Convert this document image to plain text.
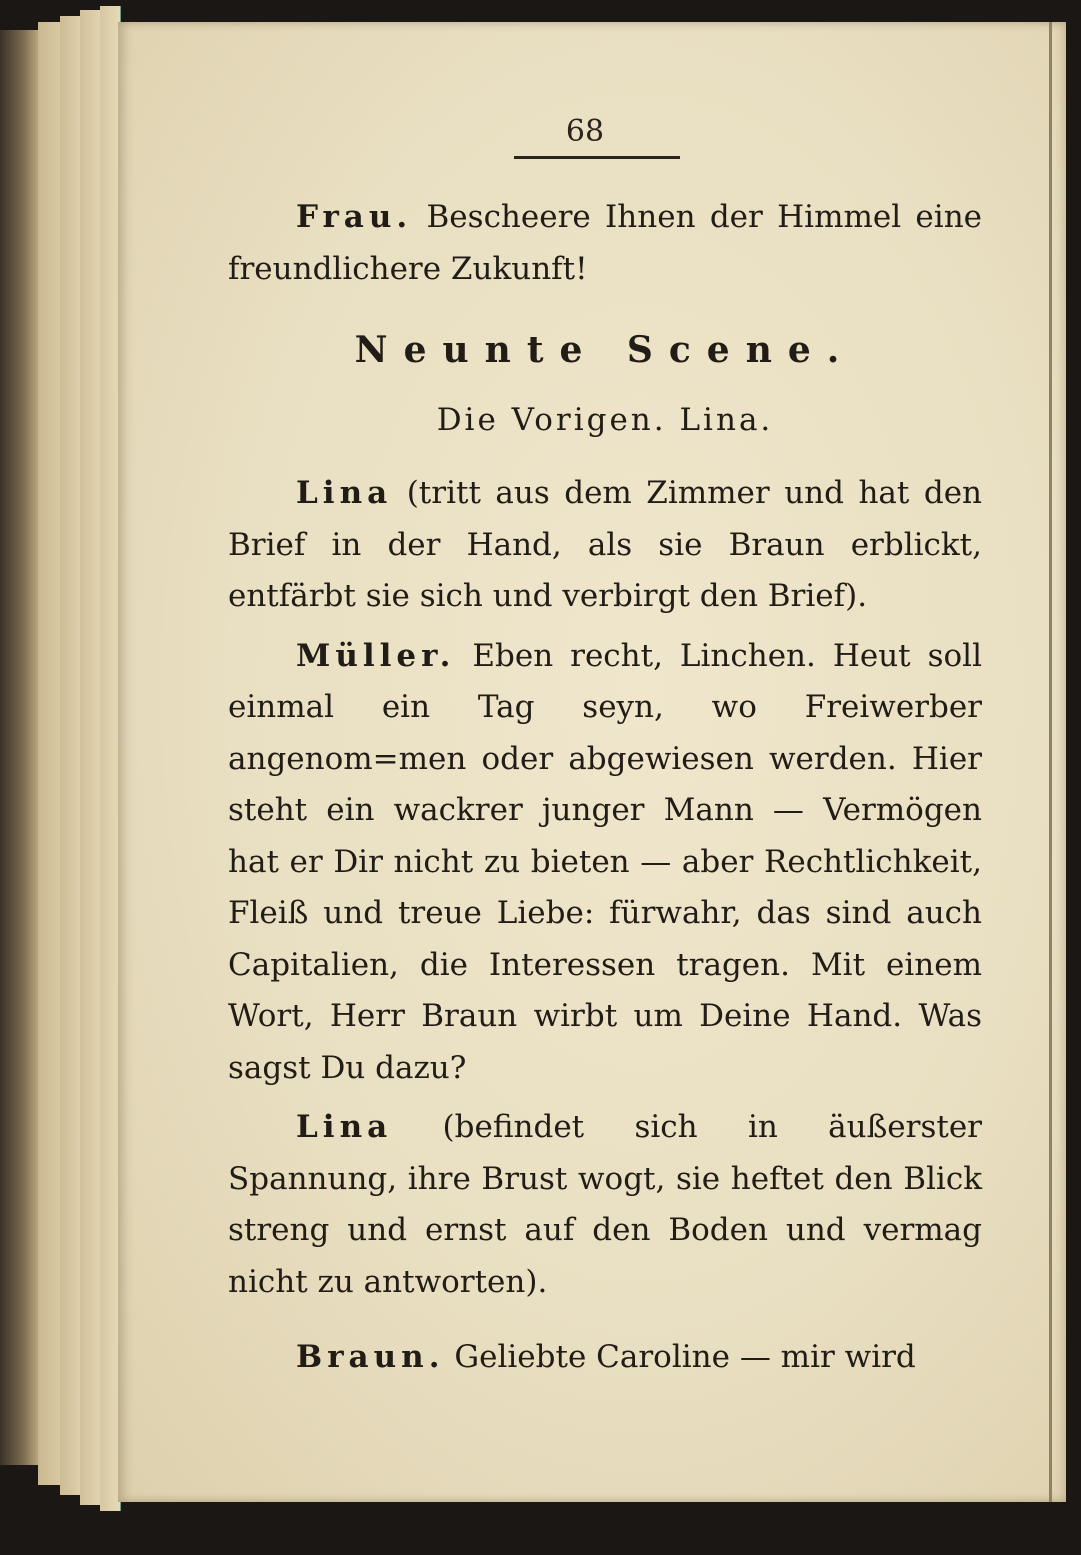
68

Frau. Bescheere Ihnen der Himmel eine freundlichere Zukunft!

Neunte Scene.

Die Vorigen. Lina.

Lina (tritt aus dem Zimmer und hat den Brief in der Hand, als sie Braun erblickt, entfärbt sie sich und verbirgt den Brief).

Müller. Eben recht, Linchen. Heut soll einmal ein Tag seyn, wo Freiwerber angenom=men oder abgewiesen werden. Hier steht ein wackrer junger Mann — Vermögen hat er Dir nicht zu bieten — aber Rechtlichkeit, Fleiß und treue Liebe: fürwahr, das sind auch Capitalien, die Interessen tragen. Mit einem Wort, Herr Braun wirbt um Deine Hand. Was sagst Du dazu?

Lina (befindet sich in äußerster Spannung, ihre Brust wogt, sie heftet den Blick streng und ernst auf den Boden und vermag nicht zu antworten).

Braun. Geliebte Caroline — mir wird
